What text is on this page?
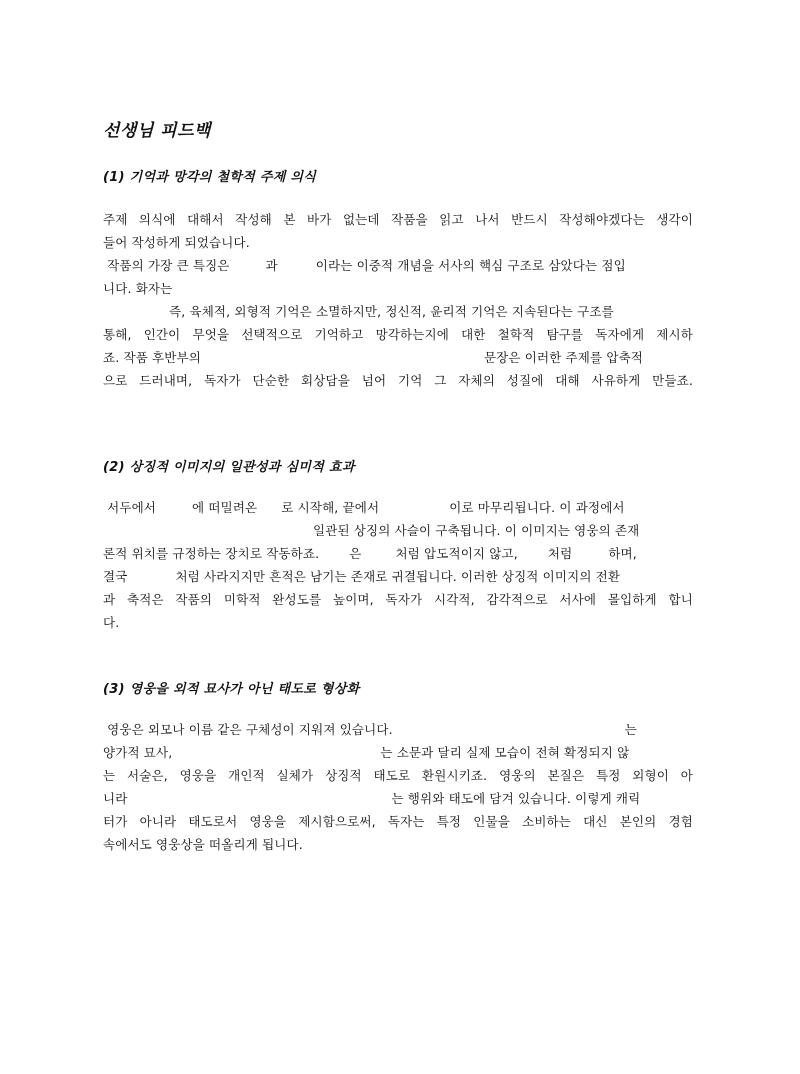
선생님 피드백
(1) 기억과 망각의 철학적 주제 의식
주제 의식에 대해서 작성해 본 바가 없는데 작품을 읽고 나서 반드시 작성해야겠다는 생각이
들어 작성하게 되었습니다.
작품의 가장 큰 특징은	과	이라는 이중적 개념을 서사의 핵심 구조로 삼았다는 점입
니다. 화자는
즉, 육체적, 외형적 기억은 소멸하지만, 정신적, 윤리적 기억은 지속된다는 구조를
통해, 인간이 무엇을 선택적으로 기억하고 망각하는지에 대한 철학적 탐구를 독자에게 제시하
죠. 작품 후반부의	문장은 이러한 주제를 압축적
으로 드러내며, 독자가 단순한 회상담을 넘어 기억 그 자체의 성질에 대해 사유하게 만들죠.
(2) 상징적 이미지의 일관성과 심미적 효과
서두에서	에 떠밀려온 로 시작해, 끝에서	이로 마무리됩니다. 이 과정에서
일관된 상징의 사슬이 구축됩니다. 이 이미지는 영웅의 존재
론적 위치를 규정하는 장치로 작동하죠. 은	처럼 압도적이지 않고, 처럼	하며,
결국	처럼 사라지지만 흔적은 남기는 존재로 귀결됩니다. 이러한 상징적 이미지의 전환
과 축적은 작품의 미학적 완성도를 높이며, 독자가 시각적, 감각적으로 서사에 몰입하게 합니
다.
(3) 영웅을 외적 묘사가 아닌 태도로 형상화
영웅은 외모나 이름 같은 구체성이 지워져 있습니다.	는
양가적 묘사,	는 소문과 달리 실제 모습이 전혀 확정되지 않
는 서술은, 영웅을 개인적 실체가 상징적 태도로 환원시키죠. 영웅의 본질은 특정 외형이 아
니라	는 행위와 태도에 담겨 있습니다. 이렇게 캐릭
터가 아니라 태도로서 영웅을 제시함으로써, 독자는 특정 인물을 소비하는 대신 본인의 경험
속에서도 영웅상을 떠올리게 됩니다.
